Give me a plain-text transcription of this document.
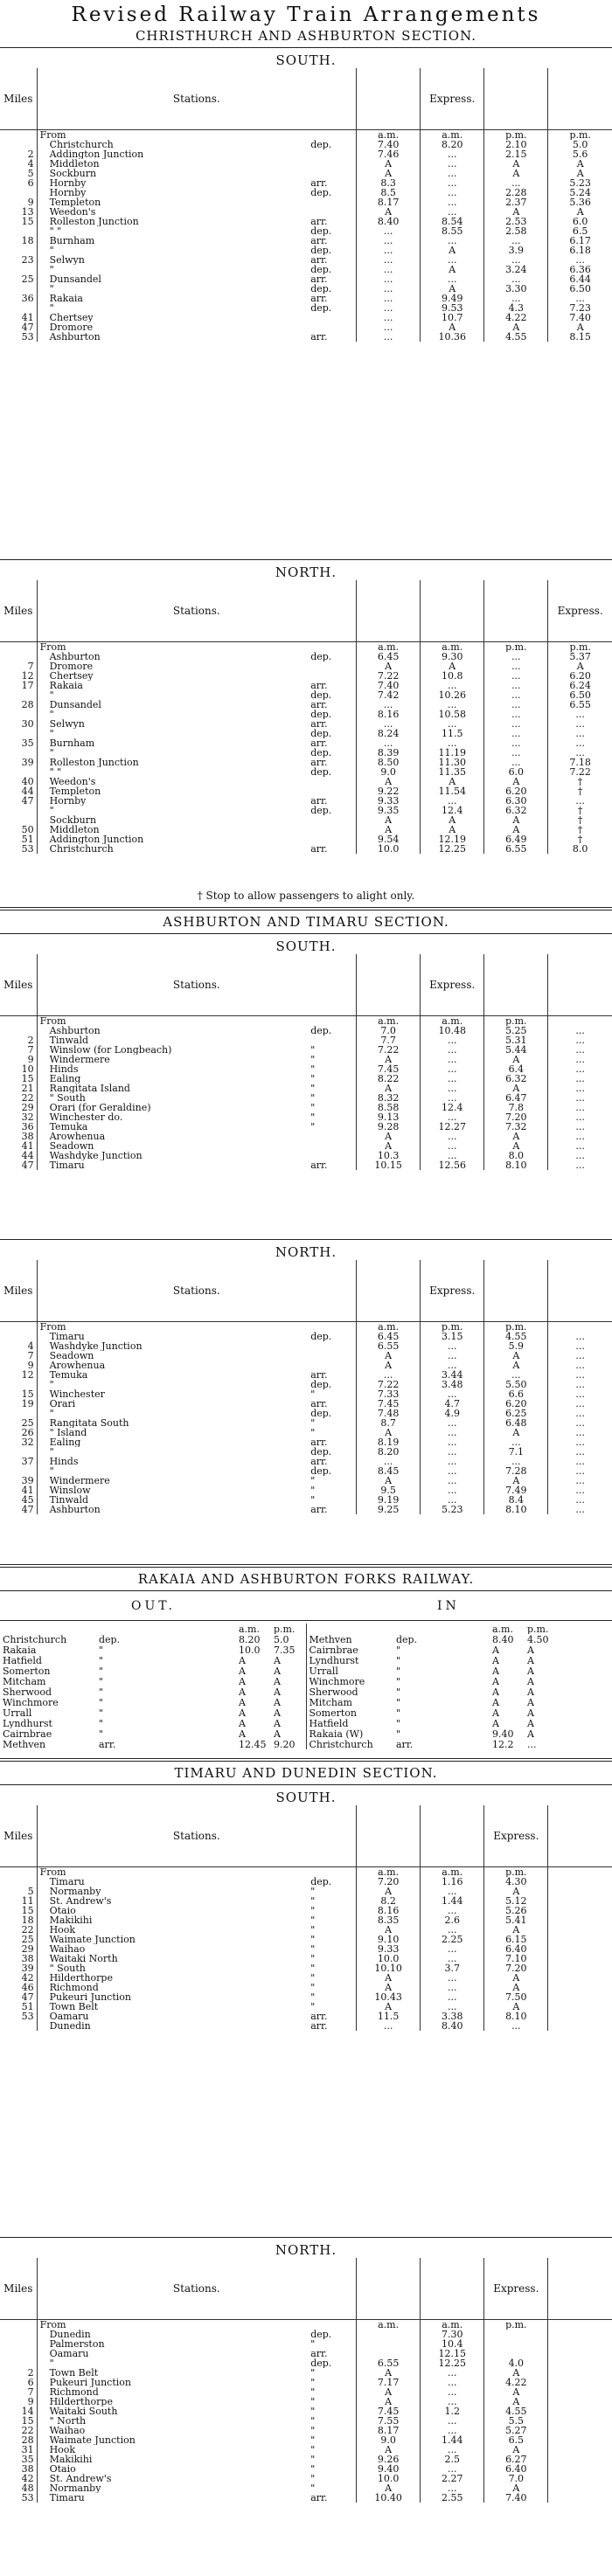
Revised Railway Train Arrangements
CHRISTHURCH AND ASHBURTON SECTION.
SOUTH.
Miles	Stations.			Express.		
	From		a.m.	a.m.	p.m.	p.m.
	Christchurch	dep.	7.40	8.20	2.10	5.0
2	Addington Junction		7.46	...	2.15	5.6
4	Middleton		A	...	A	A
5	Sockburn		A	...	A	A
6	Hornby	arr.	8.3	...	...	5.23
	Hornby	dep.	8.5	...	2.28	5.24
9	Templeton		8.17	...	2.37	5.36
13	Weedon's		A	...	A	A
15	Rolleston Junction	arr.	8.40	8.54	2.53	6.0
	" "	dep.	...	8.55	2.58	6.5
18	Burnham	arr.	...	...	...	6.17
	"	dep.	...	A	3.9	6.18
23	Selwyn	arr.	...	...	...	...
	"	dep.	...	A	3.24	6.36
25	Dunsandel	arr.	...	...	...	6.44
	"	dep.	...	A	3.30	6.50
36	Rakaia	arr.	...	9.49	...	...
	"	dep.	...	9.53	4.3	7.23
41	Chertsey		...	10.7	4.22	7.40
47	Dromore		...	A	A	A
53	Ashburton	arr.	...	10.36	4.55	8.15
NORTH.
Miles	Stations.					Express.
	From		a.m.	a.m.	p.m.	p.m.
	Ashburton	dep.	6.45	9.30	...	5.37
7	Dromore		A	A	...	A
12	Chertsey		7.22	10.8	...	6.20
17	Rakaia	arr.	7.40	...	...	6.24
	"	dep.	7.42	10.26	...	6.50
28	Dunsandel	arr.	...	...	...	6.55
	"	dep.	8.16	10.58	...	...
30	Selwyn	arr.	...	...	...	...
	"	dep.	8.24	11.5	...	...
35	Burnham	arr.	...	...	...	...
	"	dep.	8.39	11.19	...	...
39	Rolleston Junction	arr.	8.50	11.30	...	7.18
	" "	dep.	9.0	11.35	6.0	7.22
40	Weedon's		A	A	A	†
44	Templeton		9.22	11.54	6.20	†
47	Hornby	arr.	9.33	...	6.30	...
	"	dep.	9.35	12.4	6.32	†
	Sockburn		A	A	A	†
50	Middleton		A	A	A	†
51	Addington Junction		9.54	12.19	6.49	†
53	Christchurch	arr.	10.0	12.25	6.55	8.0
† Stop to allow passengers to alight only.
ASHBURTON AND TIMARU SECTION.
SOUTH.
Miles	Stations.			Express.		
	From		a.m.	a.m.	p.m.	
	Ashburton	dep.	7.0	10.48	5.25	...
2	Tinwald		7.7	...	5.31	...
7	Winslow (for Longbeach)	"	7.22	...	5.44	...
9	Windermere	"	A	...	A	...
10	Hinds	"	7.45	...	6.4	...
15	Ealing	"	8.22	...	6.32	...
21	Rangitata Island	"	A	...	A	...
22	" South	"	8.32	...	6.47	...
29	Orari (for Geraldine)	"	8.58	12.4	7.8	...
32	Winchester do.	"	9.13	...	7.20	...
36	Temuka	"	9.28	12.27	7.32	...
38	Arowhenua		A	...	A	...
41	Seadown		A	...	A	...
44	Washdyke Junction		10.3	...	8.0	...
47	Timaru	arr.	10.15	12.56	8.10	...
NORTH.
Miles	Stations.			Express.		
	From		a.m.	p.m.	p.m.	
	Timaru	dep.	6.45	3.15	4.55	...
4	Washdyke Junction		6.55	...	5.9	...
7	Seadown		A	...	A	...
9	Arowhenua		A	...	A	...
12	Temuka	arr.	...	3.44	...	...
	"	dep.	7.22	3.48	5.50	...
15	Winchester	"	7.33	...	6.6	...
19	Orari	arr.	7.45	4.7	6.20	...
	"	dep.	7.48	4.9	6.25	...
25	Rangitata South	"	8.7	...	6.48	...
26	" Island	"	A	...	A	...
32	Ealing	arr.	8.19	...	...	...
	"	dep.	8.20	...	7.1	...
37	Hinds	arr.	...	...	...	...
	"	dep.	8.45	...	7.28	...
39	Windermere	"	A	...	A	...
41	Winslow	"	9.5	...	7.49	...
45	Tinwald	"	9.19	...	8.4	...
47	Ashburton	arr.	9.25	5.23	8.10	...
RAKAIA AND ASHBURTON FORKS RAILWAY.
OUT.	IN
		a.m.	p.m.			a.m.	p.m.	
Christchurch	dep.	8.20	5.0	Methven	dep.	8.40	4.50	
Rakaia	"	10.0	7.35	Cairnbrae	"	A	A	
Hatfield	"	A	A	Lyndhurst	"	A	A	
Somerton	"	A	A	Urrall	"	A	A	
Mitcham	"	A	A	Winchmore	"	A	A	
Sherwood	"	A	A	Sherwood	"	A	A	
Winchmore	"	A	A	Mitcham	"	A	A	
Urrall	"	A	A	Somerton	"	A	A	
Lyndhurst	"	A	A	Hatfield	"	A	A	
Cairnbrae	"	A	A	Rakaia (W)	"	9.40	A	
Methven	arr.	12.45	9.20	Christchurch	arr.	12.2	...	
TIMARU AND DUNEDIN SECTION.
SOUTH.
Miles	Stations.				Express.	
	From		a.m.	a.m.	p.m.	
	Timaru	dep.	7.20	1.16	4.30	
5	Normanby	"	A	...	A	
11	St. Andrew's	"	8.2	1.44	5.12	
15	Otaio	"	8.16	...	5.26	
18	Makikihi	"	8.35	2.6	5.41	
22	Hook	"	A	...	A	
25	Waimate Junction	"	9.10	2.25	6.15	
29	Waihao	"	9.33	...	6.40	
38	Waitaki North	"	10.0	...	7.10	
39	" South	"	10.10	3.7	7.20	
42	Hilderthorpe	"	A	...	A	
46	Richmond	"	A	...	A	
47	Pukeuri Junction	"	10.43	...	7.50	
51	Town Belt	"	A	...	A	
53	Oamaru	arr.	11.5	3.38	8.10	
	Dunedin	arr.	...	8.40	...	
NORTH.
Miles	Stations.				Express.	
	From		a.m.	a.m.	p.m.	
	Dunedin	dep.		7.30		
	Palmerston	"		10.4		
	Oamaru	arr.		12.15		
	"	dep.	6.55	12.25	4.0	
2	Town Belt	"	A	...	A	
6	Pukeuri Junction	"	7.17	...	4.22	
7	Richmond	"	A	...	A	
9	Hilderthorpe	"	A	...	A	
14	Waitaki South	"	7.45	1.2	4.55	
15	" North	"	7.55	...	5.5	
22	Waihao	"	8.17	...	5.27	
28	Waimate Junction	"	9.0	1.44	6.5	
31	Hook	"	A	...	A	
35	Makikihi	"	9.26	2.5	6.27	
38	Otaio	"	9.40	...	6.40	
42	St. Andrew's	"	10.0	2.27	7.0	
48	Normanby	"	A	...	A	
53	Timaru	arr.	10.40	2.55	7.40	
